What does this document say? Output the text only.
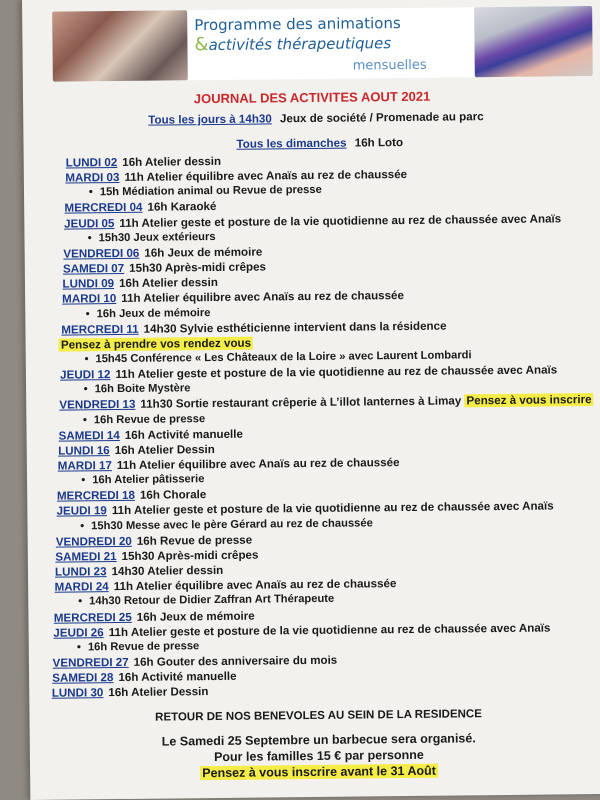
Programme des animations
&activités thérapeutiques
mensuelles
JOURNAL DES ACTIVITES AOUT 2021
Tous les jours à 14h30 Jeux de société / Promenade au parc
Tous les dimanches 16h Loto
LUNDI 02 16h Atelier dessin
MARDI 03 11h Atelier équilibre avec Anaïs au rez de chaussée
• 15h Médiation animal ou Revue de presse
MERCREDI 04 16h Karaoké
JEUDI 05 11h Atelier geste et posture de la vie quotidienne au rez de chaussée avec Anaïs
• 15h30 Jeux extérieurs
VENDREDI 06 16h Jeux de mémoire
SAMEDI 07 15h30 Après-midi crêpes
LUNDI 09 16h Atelier dessin
MARDI 10 11h Atelier équilibre avec Anaïs au rez de chaussée
• 16h Jeux de mémoire
MERCREDI 11 14h30 Sylvie esthéticienne intervient dans la résidence
Pensez à prendre vos rendez vous
• 15h45 Conférence « Les Châteaux de la Loire » avec Laurent Lombardi
JEUDI 12 11h Atelier geste et posture de la vie quotidienne au rez de chaussée avec Anaïs
• 16h Boite Mystère
VENDREDI 13 11h30 Sortie restaurant crêperie à L’illot lanternes à Limay Pensez à vous inscrire
• 16h Revue de presse
SAMEDI 14 16h Activité manuelle
LUNDI 16 16h Atelier Dessin
MARDI 17 11h Atelier équilibre avec Anaïs au rez de chaussée
• 16h Atelier pâtisserie
MERCREDI 18 16h Chorale
JEUDI 19 11h Atelier geste et posture de la vie quotidienne au rez de chaussée avec Anaïs
• 15h30 Messe avec le père Gérard au rez de chaussée
VENDREDI 20 16h Revue de presse
SAMEDI 21 15h30 Après-midi crêpes
LUNDI 23 14h30 Atelier dessin
MARDI 24 11h Atelier équilibre avec Anaïs au rez de chaussée
• 14h30 Retour de Didier Zaffran Art Thérapeute
MERCREDI 25 16h Jeux de mémoire
JEUDI 26 11h Atelier geste et posture de la vie quotidienne au rez de chaussée avec Anaïs
• 16h Revue de presse
VENDREDI 27 16h Gouter des anniversaire du mois
SAMEDI 28 16h Activité manuelle
LUNDI 30 16h Atelier Dessin
RETOUR DE NOS BENEVOLES AU SEIN DE LA RESIDENCE
Le Samedi 25 Septembre un barbecue sera organisé.
Pour les familles 15 € par personne
Pensez à vous inscrire avant le 31 Août
